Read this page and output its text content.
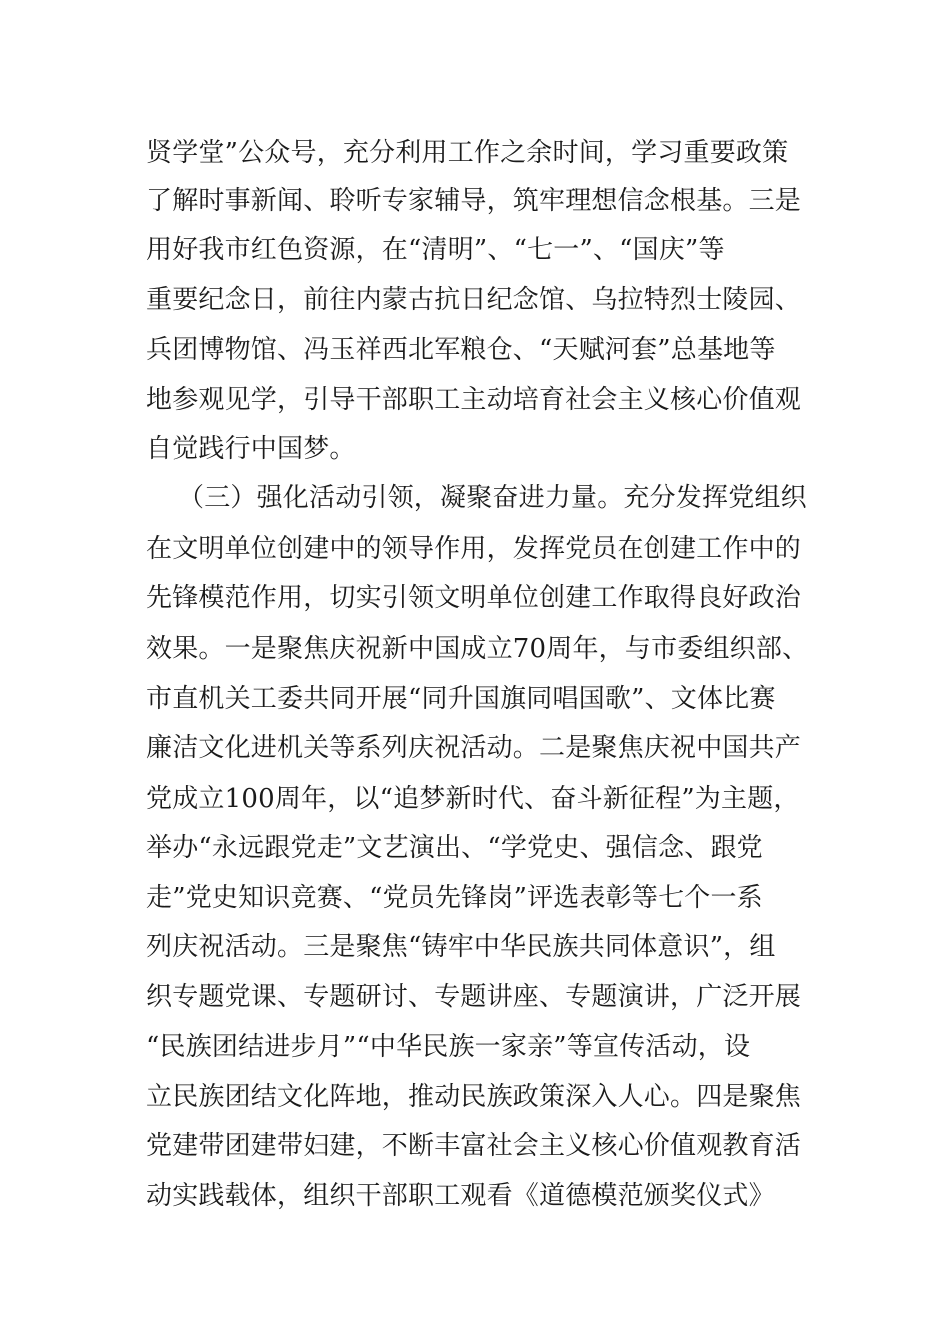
贤学堂”公众号，充分利用工作之余时间，学习重要政策
了解时事新闻、聆听专家辅导，筑牢理想信念根基。三是
用好我市红色资源，在“清明”、“七一”、“国庆”等
重要纪念日，前往内蒙古抗日纪念馆、乌拉特烈士陵园、
兵团博物馆、冯玉祥西北军粮仓、“天赋河套”总基地等
地参观见学，引导干部职工主动培育社会主义核心价值观
自觉践行中国梦。
（三）强化活动引领，凝聚奋进力量。充分发挥党组织
在文明单位创建中的领导作用，发挥党员在创建工作中的
先锋模范作用，切实引领文明单位创建工作取得良好政治
效果。一是聚焦庆祝新中国成立70周年，与市委组织部、
市直机关工委共同开展“同升国旗同唱国歌”、文体比赛
廉洁文化进机关等系列庆祝活动。二是聚焦庆祝中国共产
党成立100周年，以“追梦新时代、奋斗新征程”为主题，
举办“永远跟党走”文艺演出、“学党史、强信念、跟党
走”党史知识竞赛、“党员先锋岗”评选表彰等七个一系
列庆祝活动。三是聚焦“铸牢中华民族共同体意识”，组
织专题党课、专题研讨、专题讲座、专题演讲，广泛开展
“民族团结进步月”“中华民族一家亲”等宣传活动，设
立民族团结文化阵地，推动民族政策深入人心。四是聚焦
党建带团建带妇建，不断丰富社会主义核心价值观教育活
动实践载体，组织干部职工观看《道德模范颁奖仪式》
